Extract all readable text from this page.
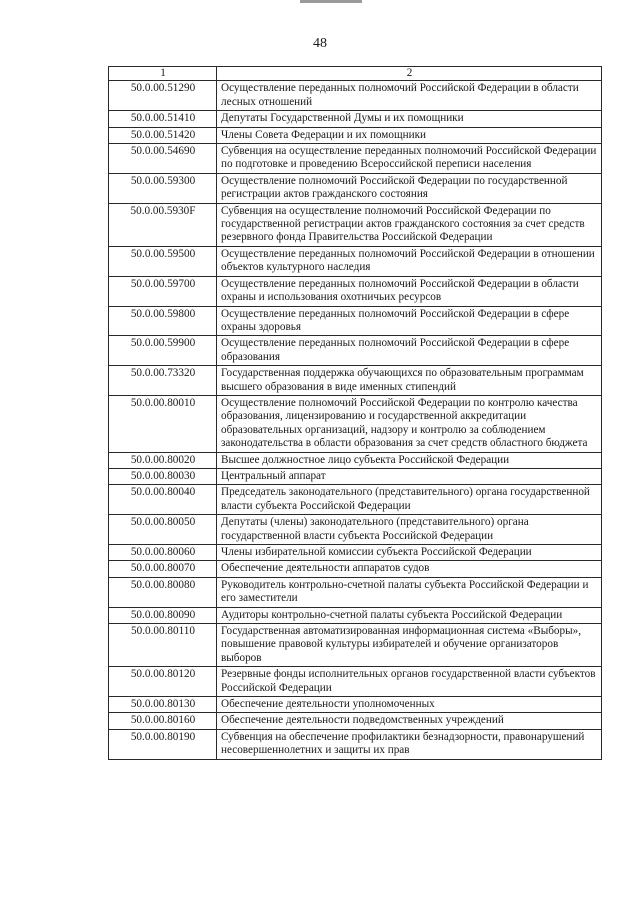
48
1	2
50.0.00.51290	Осуществление переданных полномочий Российской Федерации в области лесных отношений
50.0.00.51410	Депутаты Государственной Думы и их помощники
50.0.00.51420	Члены Совета Федерации и их помощники
50.0.00.54690	Субвенция на осуществление переданных полномочий Российской Федерации по подготовке и проведению Всероссийской переписи населения
50.0.00.59300	Осуществление полномочий Российской Федерации по государственной регистрации актов гражданского состояния
50.0.00.5930F	Субвенция на осуществление полномочий Российской Федерации по государственной регистрации актов гражданского состояния за счет средств резервного фонда Правительства Российской Федерации
50.0.00.59500	Осуществление переданных полномочий Российской Федерации в отношении объектов культурного наследия
50.0.00.59700	Осуществление переданных полномочий Российской Федерации в области охраны и использования охотничьих ресурсов
50.0.00.59800	Осуществление переданных полномочий Российской Федерации в сфере охраны здоровья
50.0.00.59900	Осуществление переданных полномочий Российской Федерации в сфере образования
50.0.00.73320	Государственная поддержка обучающихся по образовательным программам высшего образования в виде именных стипендий
50.0.00.80010	Осуществление полномочий Российской Федерации по контролю качества образования, лицензированию и государственной аккредитации образовательных организаций, надзору и контролю за соблюдением законодательства в области образования за счет средств областного бюджета
50.0.00.80020	Высшее должностное лицо субъекта Российской Федерации
50.0.00.80030	Центральный аппарат
50.0.00.80040	Председатель законодательного (представительного) органа государственной власти субъекта Российской Федерации
50.0.00.80050	Депутаты (члены) законодательного (представительного) органа государственной власти субъекта Российской Федерации
50.0.00.80060	Члены избирательной комиссии субъекта Российской Федерации
50.0.00.80070	Обеспечение деятельности аппаратов судов
50.0.00.80080	Руководитель контрольно-счетной палаты субъекта Российской Федерации и его заместители
50.0.00.80090	Аудиторы контрольно-счетной палаты субъекта Российской Федерации
50.0.00.80110	Государственная автоматизированная информационная система «Выборы», повышение правовой культуры избирателей и обучение организаторов выборов
50.0.00.80120	Резервные фонды исполнительных органов государственной власти субъектов Российской Федерации
50.0.00.80130	Обеспечение деятельности уполномоченных
50.0.00.80160	Обеспечение деятельности подведомственных учреждений
50.0.00.80190	Субвенция на обеспечение профилактики безнадзорности, правонарушений несовершеннолетних и защиты их прав
